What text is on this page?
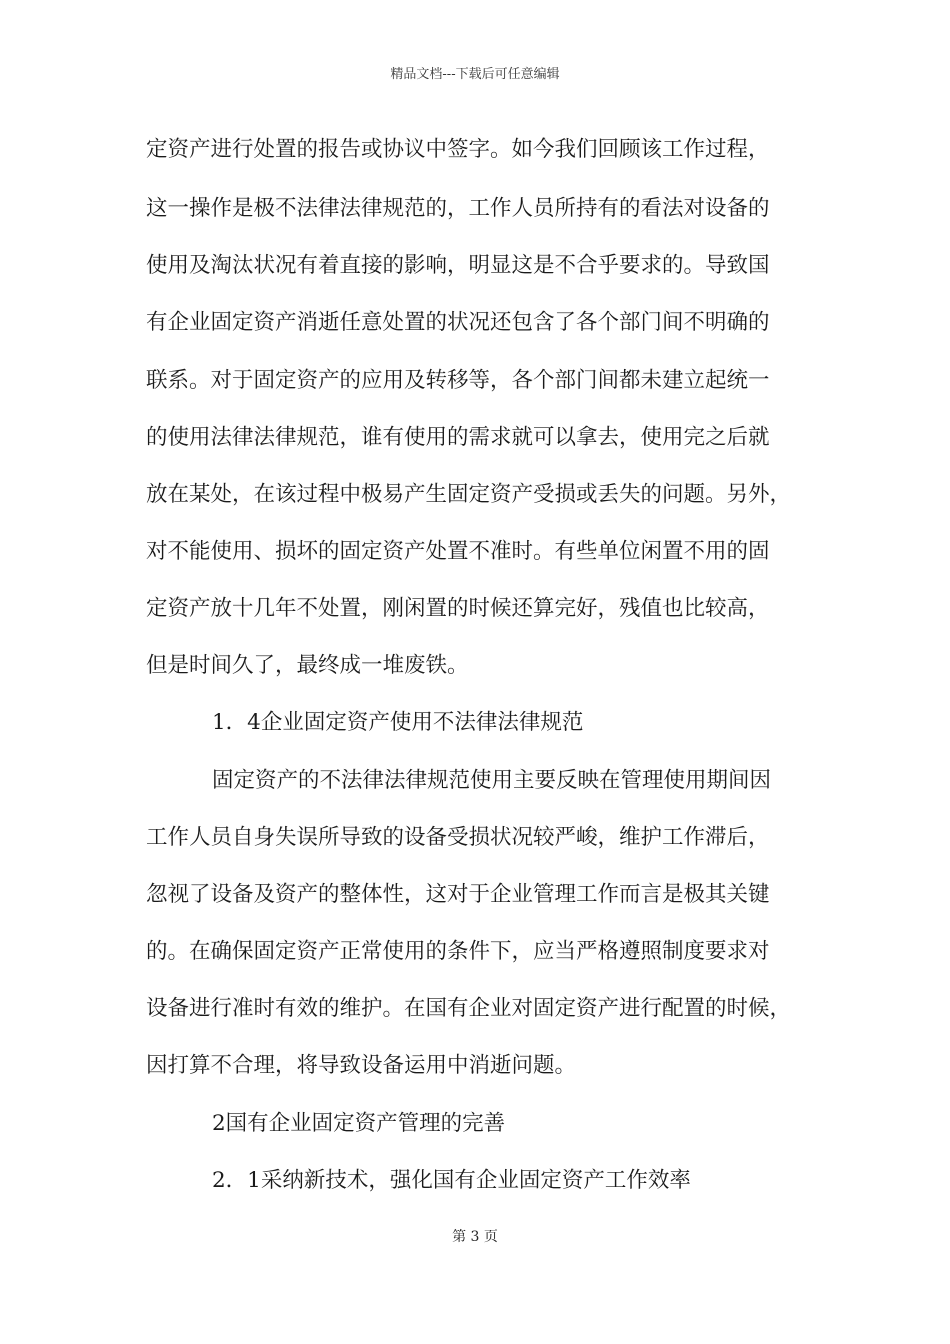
精品文档---下载后可任意编辑
定资产进行处置的报告或协议中签字。如今我们回顾该工作过程，
这一操作是极不法律法律规范的，工作人员所持有的看法对设备的
使用及淘汰状况有着直接的影响，明显这是不合乎要求的。导致国
有企业固定资产消逝任意处置的状况还包含了各个部门间不明确的
联系。对于固定资产的应用及转移等，各个部门间都未建立起统一
的使用法律法律规范，谁有使用的需求就可以拿去，使用完之后就
放在某处，在该过程中极易产生固定资产受损或丢失的问题。另外，
对不能使用、损坏的固定资产处置不准时。有些单位闲置不用的固
定资产放十几年不处置，刚闲置的时候还算完好，残值也比较高，
但是时间久了，最终成一堆废铁。
1．4企业固定资产使用不法律法律规范
固定资产的不法律法律规范使用主要反映在管理使用期间因
工作人员自身失误所导致的设备受损状况较严峻，维护工作滞后，
忽视了设备及资产的整体性，这对于企业管理工作而言是极其关键
的。在确保固定资产正常使用的条件下，应当严格遵照制度要求对
设备进行准时有效的维护。在国有企业对固定资产进行配置的时候，
因打算不合理，将导致设备运用中消逝问题。
2国有企业固定资产管理的完善
2．1采纳新技术，强化国有企业固定资产工作效率
第 3 页
